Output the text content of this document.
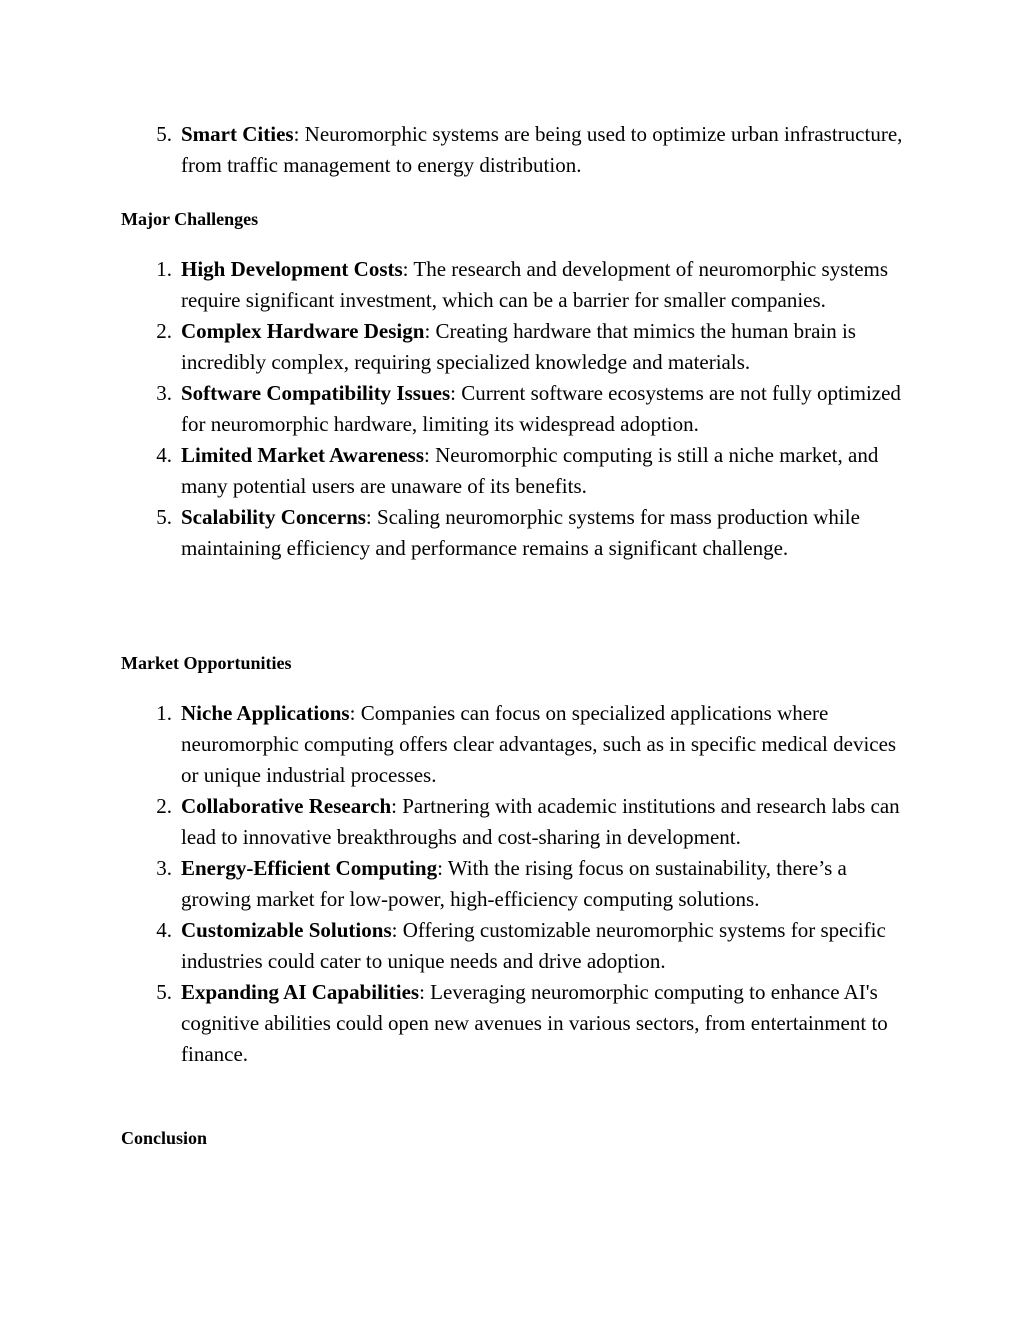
5. Smart Cities: Neuromorphic systems are being used to optimize urban infrastructure, from traffic management to energy distribution.
Major Challenges
1. High Development Costs: The research and development of neuromorphic systems require significant investment, which can be a barrier for smaller companies.
2. Complex Hardware Design: Creating hardware that mimics the human brain is incredibly complex, requiring specialized knowledge and materials.
3. Software Compatibility Issues: Current software ecosystems are not fully optimized for neuromorphic hardware, limiting its widespread adoption.
4. Limited Market Awareness: Neuromorphic computing is still a niche market, and many potential users are unaware of its benefits.
5. Scalability Concerns: Scaling neuromorphic systems for mass production while maintaining efficiency and performance remains a significant challenge.
Market Opportunities
1. Niche Applications: Companies can focus on specialized applications where neuromorphic computing offers clear advantages, such as in specific medical devices or unique industrial processes.
2. Collaborative Research: Partnering with academic institutions and research labs can lead to innovative breakthroughs and cost-sharing in development.
3. Energy-Efficient Computing: With the rising focus on sustainability, there’s a growing market for low-power, high-efficiency computing solutions.
4. Customizable Solutions: Offering customizable neuromorphic systems for specific industries could cater to unique needs and drive adoption.
5. Expanding AI Capabilities: Leveraging neuromorphic computing to enhance AI's cognitive abilities could open new avenues in various sectors, from entertainment to finance.
Conclusion
